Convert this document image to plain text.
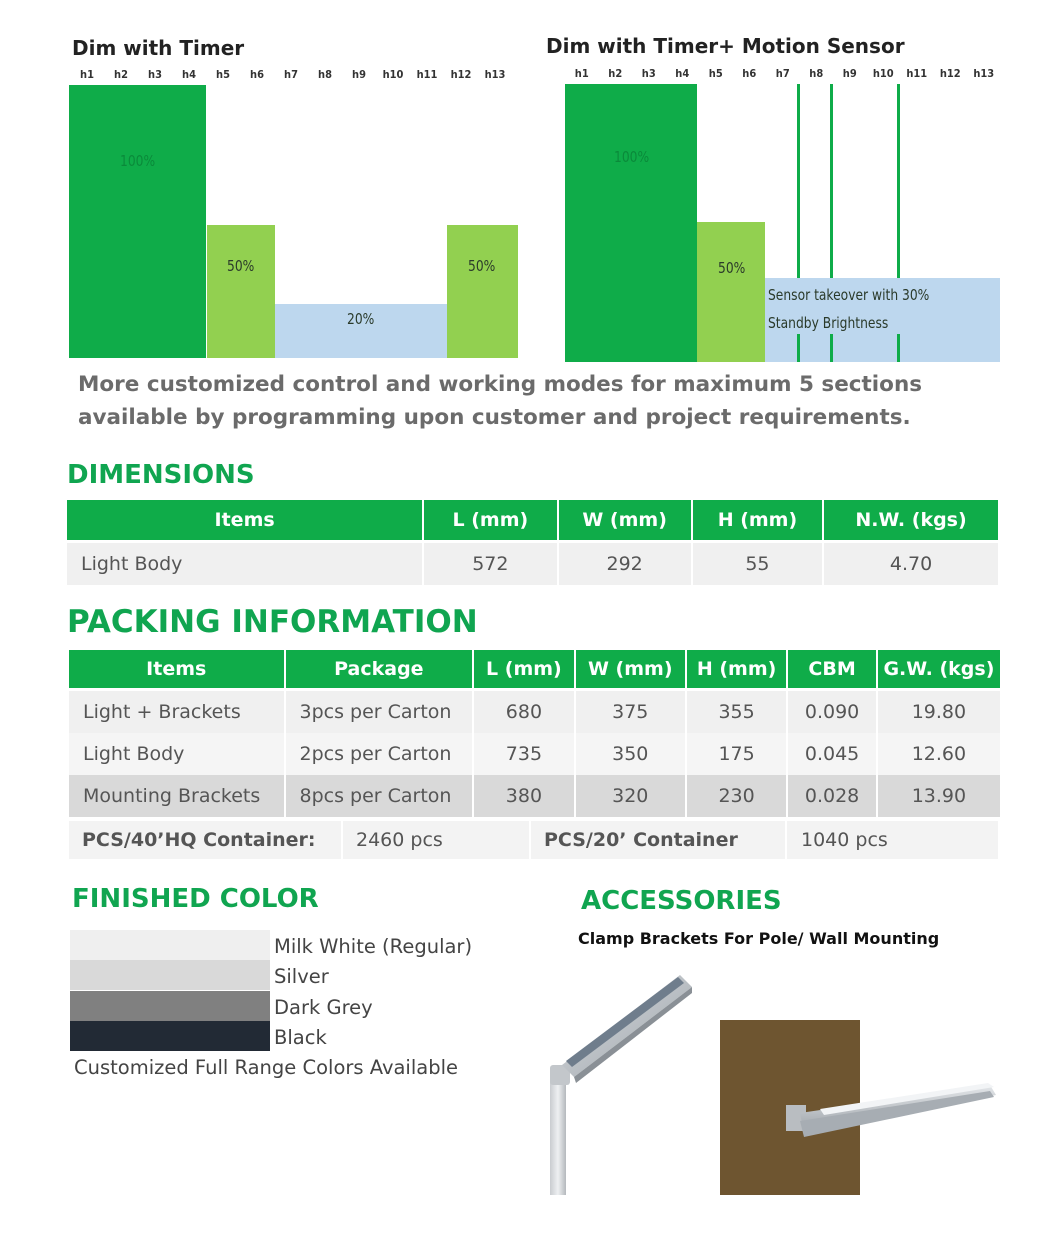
Dim with Timer
h1	h2	h3	h4	h5	h6	h7	h8	h9	h10	h11	h12	h13
100%
50%
20%
50%
Dim with Timer+ Motion Sensor
h1	h2	h3	h4	h5	h6	h7	h8	h9	h10	h11	h12	h13
100%
50%
Sensor takeover with 30%
Standby Brightness
More customized control and working modes for maximum 5 sections available by programming upon customer and project requirements.
DIMENSIONS
Items	L (mm)	W (mm)	H (mm)	N.W. (kgs)

Light Body	572	292	55	4.70
PACKING INFORMATION
Items	Package	L (mm)	W (mm)	H (mm)	CBM	G.W. (kgs)

Light + Brackets	3pcs per Carton	680	375	355	0.090	19.80
Light Body	2pcs per Carton	735	350	175	0.045	12.60
Mounting Brackets	8pcs per Carton	380	320	230	0.028	13.90

PCS/40’HQ Container: 2460 pcs	PCS/20’ Container	1040 pcs
FINISHED COLOR
Milk White (Regular)
Silver
Dark Grey
Black
Customized Full Range Colors Available
ACCESSORIES
Clamp Brackets For Pole/ Wall Mounting
